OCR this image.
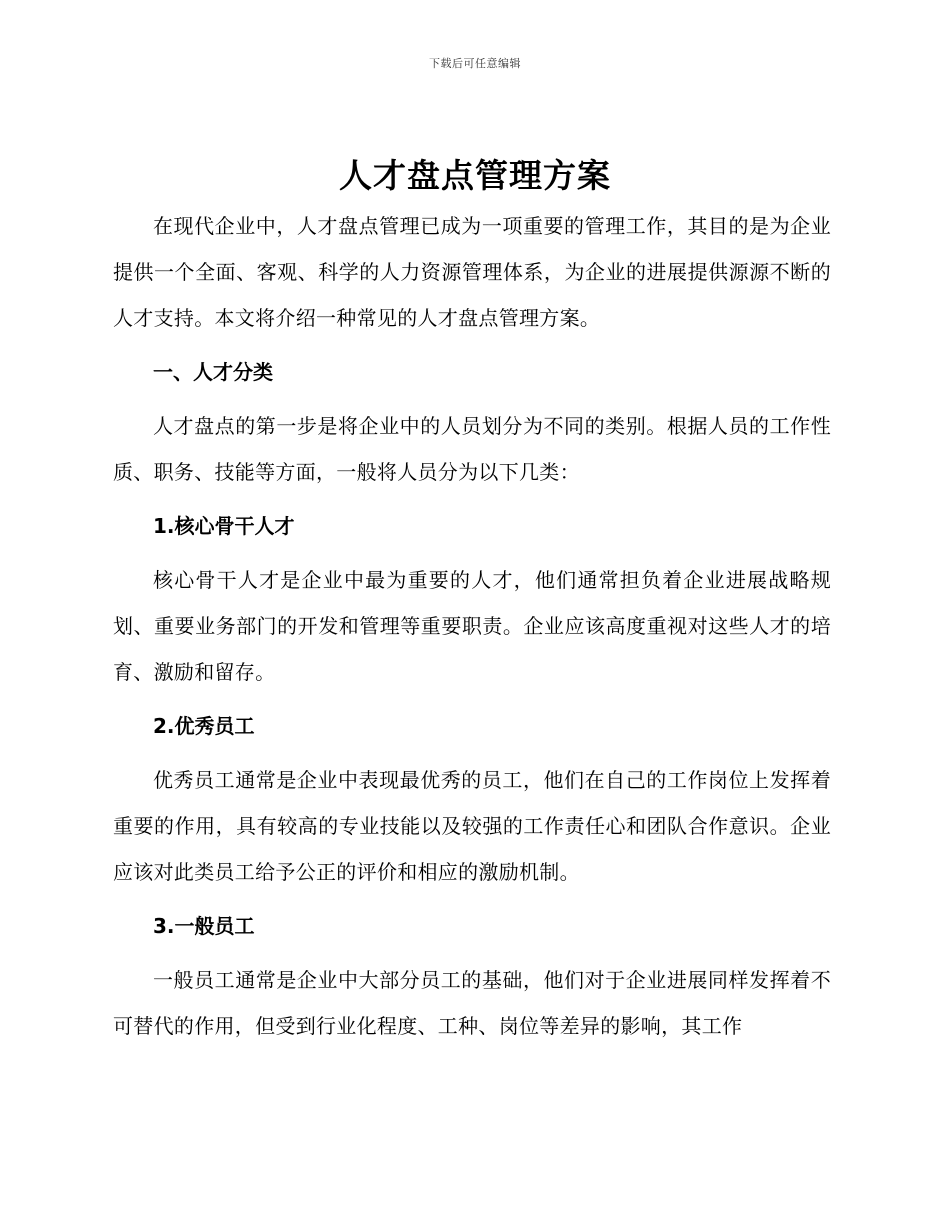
下载后可任意编辑
人才盘点管理方案

在现代企业中，人才盘点管理已成为一项重要的管理工作，其目的是为企业提供一个全面、客观、科学的人力资源管理体系，为企业的进展提供源源不断的人才支持。本文将介绍一种常见的人才盘点管理方案。

一、人才分类

人才盘点的第一步是将企业中的人员划分为不同的类别。根据人员的工作性质、职务、技能等方面，一般将人员分为以下几类：

1.核心骨干人才

核心骨干人才是企业中最为重要的人才，他们通常担负着企业进展战略规划、重要业务部门的开发和管理等重要职责。企业应该高度重视对这些人才的培育、激励和留存。

2.优秀员工

优秀员工通常是企业中表现最优秀的员工，他们在自己的工作岗位上发挥着重要的作用，具有较高的专业技能以及较强的工作责任心和团队合作意识。企业应该对此类员工给予公正的评价和相应的激励机制。

3.一般员工

一般员工通常是企业中大部分员工的基础，他们对于企业进展同样发挥着不可替代的作用，但受到行业化程度、工种、岗位等差异的影响，其工作
